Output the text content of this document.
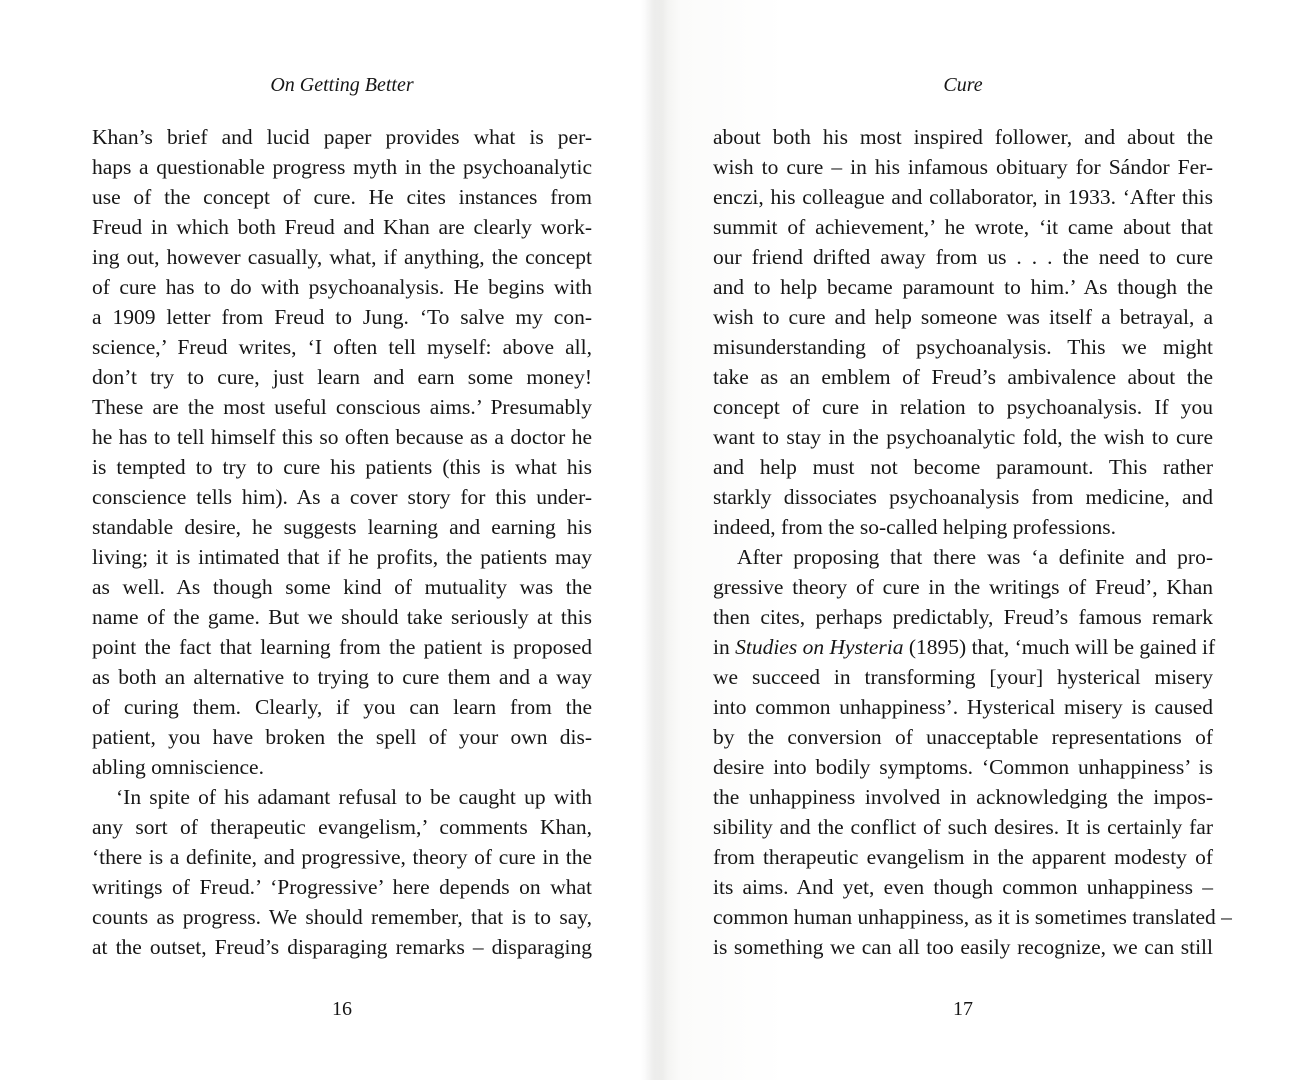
On Getting Better
Khan’s brief and lucid paper provides what is per-
haps a questionable progress myth in the psychoanalytic
use of the concept of cure. He cites instances from
Freud in which both Freud and Khan are clearly work-
ing out, however casually, what, if anything, the concept
of cure has to do with psychoanalysis. He begins with
a 1909 letter from Freud to Jung. ‘To salve my con-
science,’ Freud writes, ‘I often tell myself: above all,
don’t try to cure, just learn and earn some money!
These are the most useful conscious aims.’ Presumably
he has to tell himself this so often because as a doctor he
is tempted to try to cure his patients (this is what his
conscience tells him). As a cover story for this under-
standable desire, he suggests learning and earning his
living; it is intimated that if he profits, the patients may
as well. As though some kind of mutuality was the
name of the game. But we should take seriously at this
point the fact that learning from the patient is proposed
as both an alternative to trying to cure them and a way
of curing them. Clearly, if you can learn from the
patient, you have broken the spell of your own dis-
abling omniscience.
‘In spite of his adamant refusal to be caught up with
any sort of therapeutic evangelism,’ comments Khan,
‘there is a definite, and progressive, theory of cure in the
writings of Freud.’ ‘Progressive’ here depends on what
counts as progress. We should remember, that is to say,
at the outset, Freud’s disparaging remarks – disparaging
16
Cure
about both his most inspired follower, and about the
wish to cure – in his infamous obituary for Sándor Fer-
enczi, his colleague and collaborator, in 1933. ‘After this
summit of achievement,’ he wrote, ‘it came about that
our friend drifted away from us . . . the need to cure
and to help became paramount to him.’ As though the
wish to cure and help someone was itself a betrayal, a
misunderstanding of psychoanalysis. This we might
take as an emblem of Freud’s ambivalence about the
concept of cure in relation to psychoanalysis. If you
want to stay in the psychoanalytic fold, the wish to cure
and help must not become paramount. This rather
starkly dissociates psychoanalysis from medicine, and
indeed, from the so-called helping professions.
After proposing that there was ‘a definite and pro-
gressive theory of cure in the writings of Freud’, Khan
then cites, perhaps predictably, Freud’s famous remark
in Studies on Hysteria (1895) that, ‘much will be gained if
we succeed in transforming [your] hysterical misery
into common unhappiness’. Hysterical misery is caused
by the conversion of unacceptable representations of
desire into bodily symptoms. ‘Common unhappiness’ is
the unhappiness involved in acknowledging the impos-
sibility and the conflict of such desires. It is certainly far
from therapeutic evangelism in the apparent modesty of
its aims. And yet, even though common unhappiness –
common human unhappiness, as it is sometimes translated –
is something we can all too easily recognize, we can still
17
